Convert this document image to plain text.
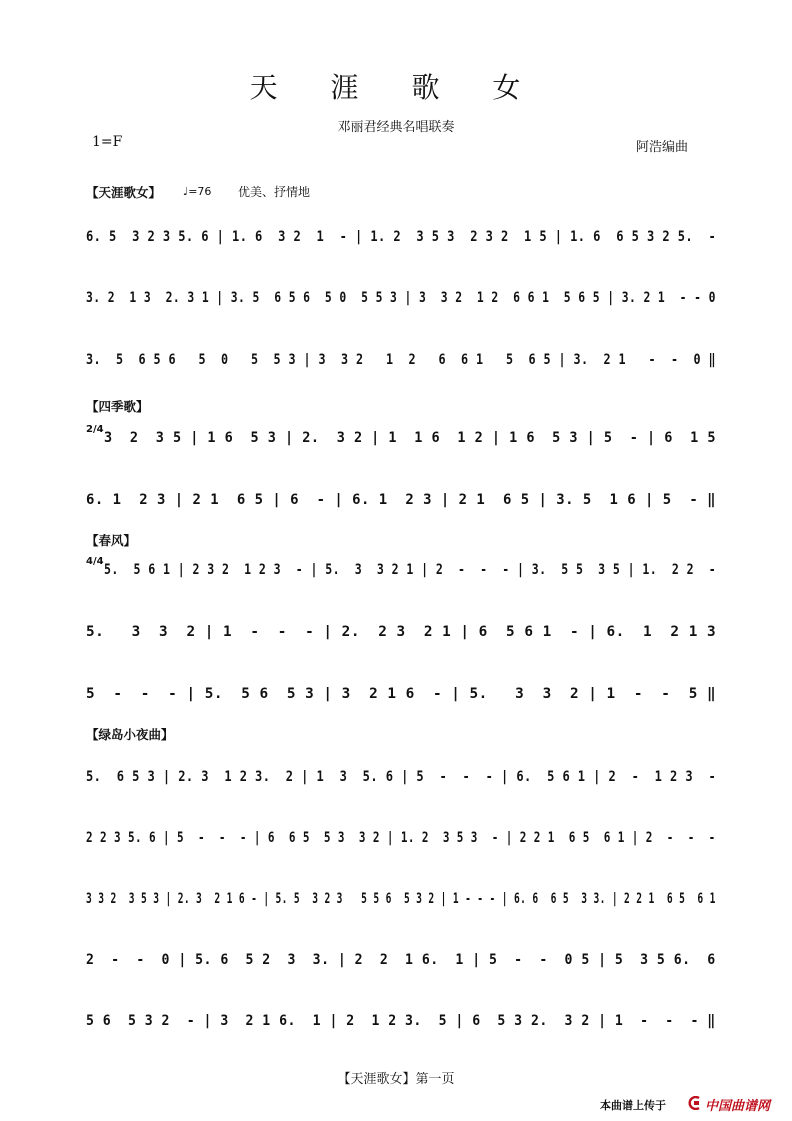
天 涯 歌 女
邓丽君经典名唱联奏
1=F	阿浩编曲
【天涯歌女】 ♩=76 优美、抒情地
6. 5  3 2 3 5. 6 | 1. 6  3 2  1  - | 1. 2  3 5 3  2 3 2  1 5 | 1. 6  6 5 3 2 5.  -
3. 2  1 3  2. 3 1 | 3. 5  6 5 6  5 0  5 5 3 | 3  3 2  1 2  6 6 1  5 6 5 | 3. 2 1  - - 0
3.  5  6 5 6   5  0   5  5 3 | 3  3 2   1  2   6  6 1   5  6 5 | 3.  2 1   -  -  0 ‖
【四季歌】
2/4
3  2  3 5 | 1 6  5 3 | 2.  3 2 | 1  1 6  1 2 | 1 6  5 3 | 5  - | 6  1 5
6. 1  2 3 | 2 1  6 5 | 6  - | 6. 1  2 3 | 2 1  6 5 | 3. 5  1 6 | 5  - ‖
【春风】
4/4
5.  5 6 1 | 2 3 2  1 2 3  - | 5.  3  3 2 1 | 2  -  -  - | 3.  5 5  3 5 | 1.  2 2  -
5.   3  3  2 | 1  -  -  - | 2.  2 3  2 1 | 6  5 6 1  - | 6.  1  2 1 3
5  -  -  - | 5.  5 6  5 3 | 3  2 1 6  - | 5.   3  3  2 | 1  -  -  5 ‖
【绿岛小夜曲】
5.  6 5 3 | 2. 3  1 2 3.  2 | 1  3  5. 6 | 5  -  -  - | 6.  5 6 1 | 2  -  1 2 3  -
2 2 3 5. 6 | 5  -  -  - | 6  6 5  5 3  3 2 | 1. 2  3 5 3  - | 2 2 1  6 5  6 1 | 2  -  -  -
3 3 2  3 5 3 | 2. 3  2 1 6 - | 5. 5  3 2 3   5 5 6  5 3 2 | 1 - - - | 6. 6  6 5  3 3. | 2 2 1  6 5  6 1
2  -  -  0 | 5. 6  5 2  3  3. | 2  2  1 6.  1 | 5  -  -  0 5 | 5  3 5 6.  6
5 6  5 3 2  - | 3  2 1 6.  1 | 2  1 2 3.  5 | 6  5 3 2.  3 2 | 1  -  -  - ‖
【天涯歌女】第一页
本曲谱上传于	中国曲谱网
